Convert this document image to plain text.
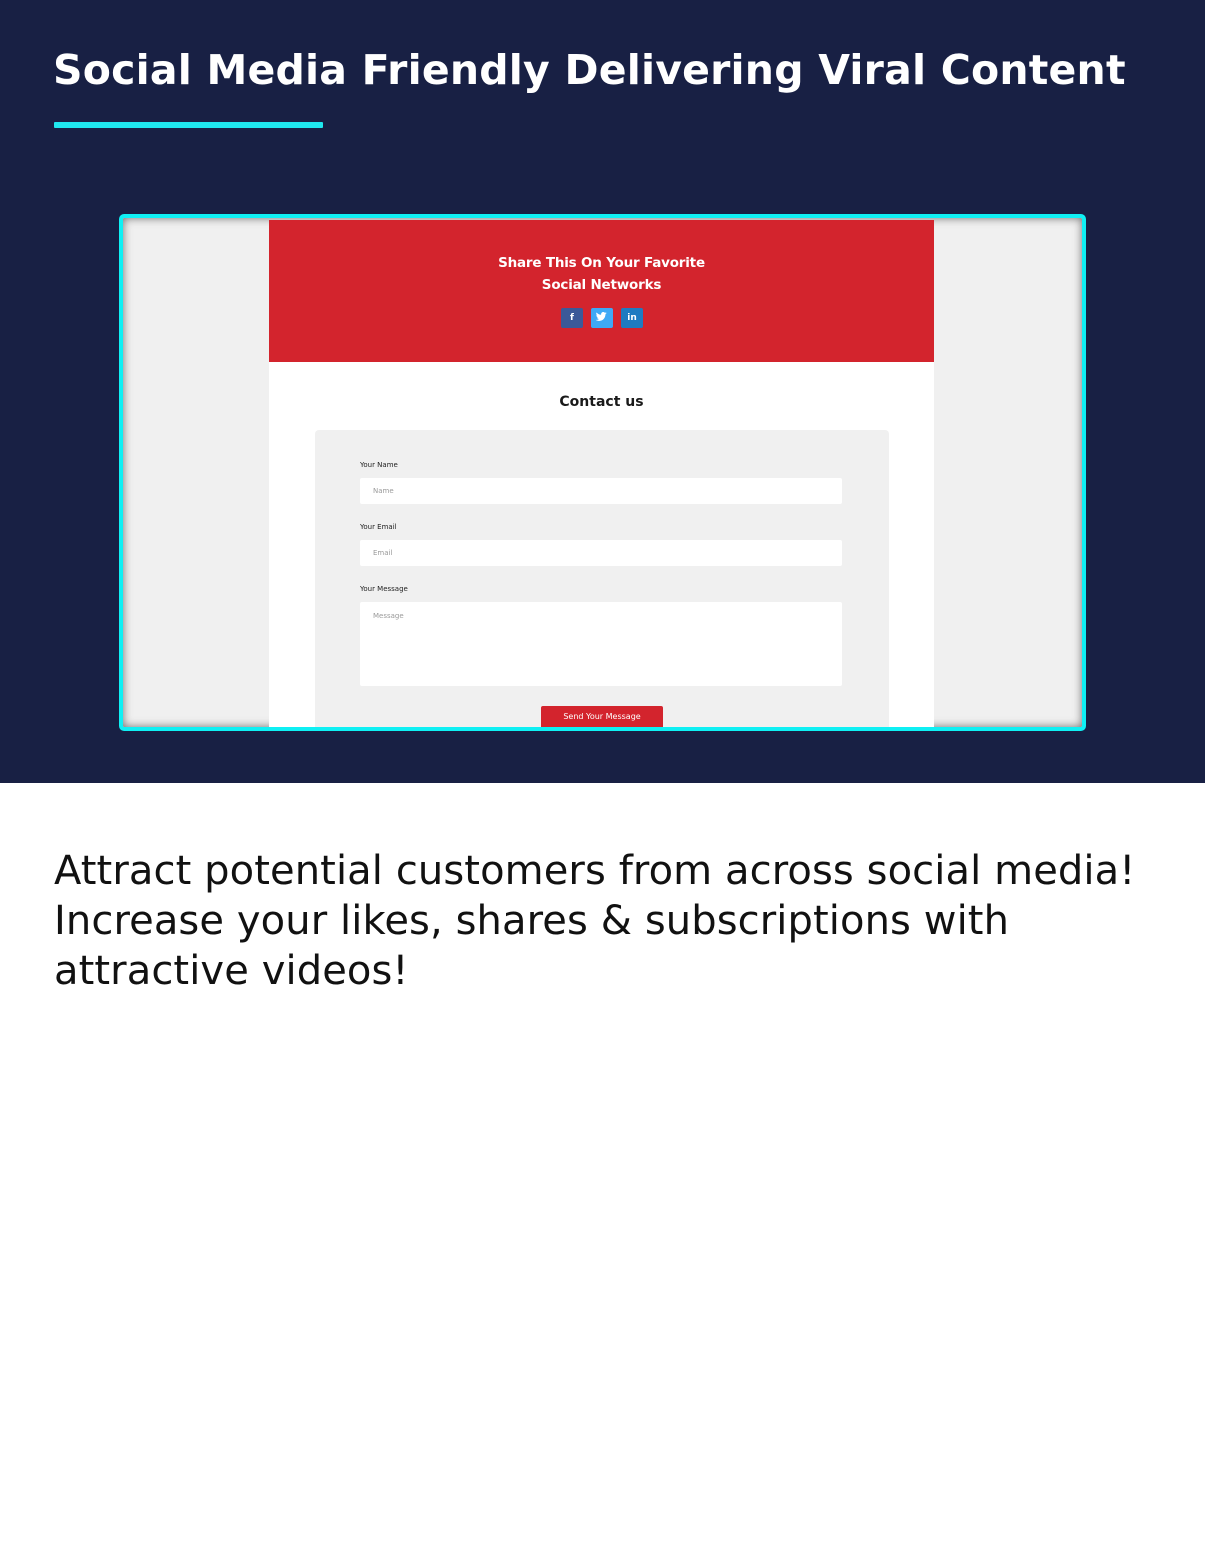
Social Media Friendly Delivering Viral Content
Share This On Your Favorite
Social Networks
f	in
Contact us
Your Name
Name
Your Email
Email
Your Message
Message
Send Your Message

Attract potential customers from across social media! Increase your likes, shares & subscriptions with attractive videos!
